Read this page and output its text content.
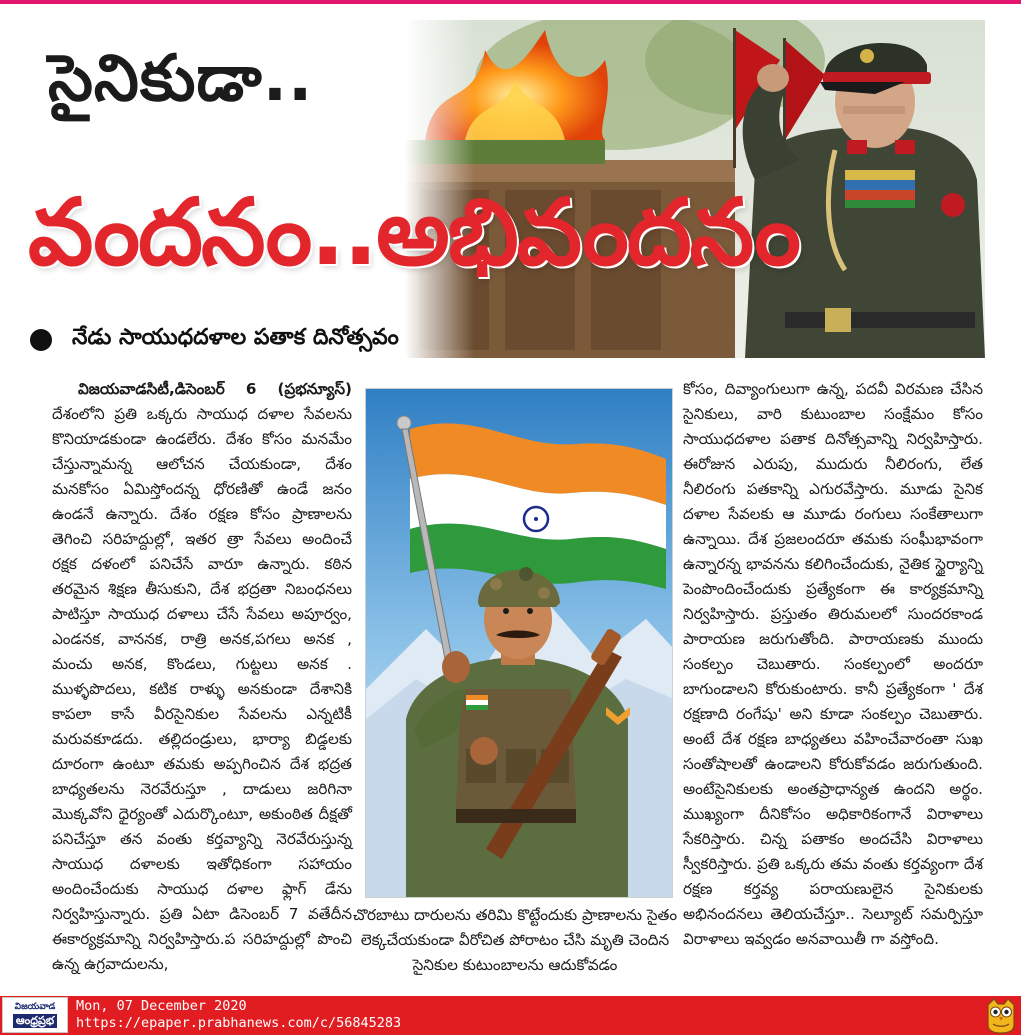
సైనికుడా..
వందనం..అభివందనం
నేడు సాయుధదళాల పతాక దినోత్సవం

విజయవాడసిటీ,డిసెంబర్ 6 (ప్రభన్యూస్) దేశంలోని ప్రతి ఒక్కరు సాయుధ దళాల సేవలను కొనియాడకుండా ఉండలేరు. దేశం కోసం మనమేం చేస్తున్నామన్న ఆలోచన చేయకుండా, దేశం మనకోసం ఏమిస్తోందన్న ధోరణితో ఉండే జనం ఉండనే ఉన్నారు. దేశం రక్షణ కోసం ప్రాణాలను తెగించి సరిహద్దుల్లో, ఇతర త్రా సేవలు అందించే రక్షక దళంలో పనిచేసే వారూ ఉన్నారు. కఠిన తరమైన శిక్షణ తీసుకుని, దేశ భద్రతా నిబంధనలు పాటిస్తూ సాయుధ దళాలు చేసే సేవలు అపూర్వం, ఎండనక, వాననక, రాత్రి అనక,పగలు అనక , మంచు అనక, కొండలు, గుట్టలు అనక . ముళ్ళపొదలు, కటిక రాళ్ళు అనకుండా దేశానికి కాపలా కాసే వీరసైనికుల సేవలను ఎన్నటికీ మరువకూడదు. తల్లిదండ్రులు, భార్యా బిడ్డలకు దూరంగా ఉంటూ తమకు అప్పగించిన దేశ భద్రత బాధ్యతలను నెరవేరుస్తూ , దాడులు జరిగినా మొక్కవోని ధైర్యంతో ఎదుర్కొంటూ, అకుంఠిత దీక్షతో పనిచేస్తూ తన వంతు కర్తవ్యాన్ని నెరవేరుస్తున్న సాయుధ దళాలకు ఇతోధికంగా సహాయం అందించేందుకు సాయుధ దళాల ఫ్లాగ్ డేను నిర్వహిస్తున్నారు. ప్రతి ఏటా డిసెంబర్ 7 వతేదీన ఈకార్యక్రమాన్ని నిర్వహిస్తారు.ప సరిహద్దుల్లో పొంచి ఉన్న ఉగ్రవాదులను,

చొరబాటు దారులను తరిమి కొట్టేందుకు ప్రాణాలను సైతం లెక్కచేయకుండా వీరోచిత పోరాటం చేసి మృతి చెందిన సైనికుల కుటుంబాలను ఆదుకోవడం

కోసం, దివ్యాంగులుగా ఉన్న, పదవీ విరమణ చేసిన సైనికులు, వారి కుటుంబాల సంక్షేమం కోసం సాయుధదళాల పతాక దినోత్సవాన్ని నిర్వహిస్తారు. ఈరోజున ఎరుపు, ముదురు నీలిరంగు, లేత నీలిరంగు పతకాన్ని ఎగురవేస్తారు. మూడు సైనిక దళాల సేవలకు ఆ మూడు రంగులు సంకేతాలుగా ఉన్నాయి. దేశ ప్రజలందరూ తమకు సంఘీభావంగా ఉన్నారన్న భావనను కలిగించేందుకు, నైతిక స్థైర్యాన్ని పెంపొందించేందుకు ప్రత్యేకంగా ఈ కార్యక్రమాన్ని నిర్వహిస్తారు. ప్రస్తుతం తిరుమలలో సుందరకాండ పారాయణ జరుగుతోంది. పారాయణకు ముందు సంకల్పం చెబుతారు. సంకల్పంలో అందరూ బాగుండాలని కోరుకుంటారు. కానీ ప్రత్యేకంగా ' దేశ రక్షణాది రంగేషు' అని కూడా సంకల్పం చెబుతారు. అంటే దేశ రక్షణ బాధ్యతలు వహించేవారంతా సుఖ సంతోషాలతో ఉండాలని కోరుకోవడం జరుగుతుంది. అంటేసైనికులకు అంతప్రాధాన్యత ఉందని అర్థం. ముఖ్యంగా దీనికోసం అధికారికంగానే విరాళాలు సేకరిస్తారు. చిన్న పతాకం అందచేసి విరాళాలు స్వీకరిస్తారు. ప్రతి ఒక్కరు తమ వంతు కర్తవ్యంగా దేశ రక్షణ కర్తవ్య పరాయణులైన సైనికులకు అభినందనలు తెలియచేస్తూ.. సెల్యూట్ సమర్పిస్తూ విరాళాలు ఇవ్వడం అనవాయితీ గా వస్తోంది.

విజయవాడ
ఆంధ్రప్రభ
Mon, 07 December 2020
https://epaper.prabhanews.com/c/56845283
